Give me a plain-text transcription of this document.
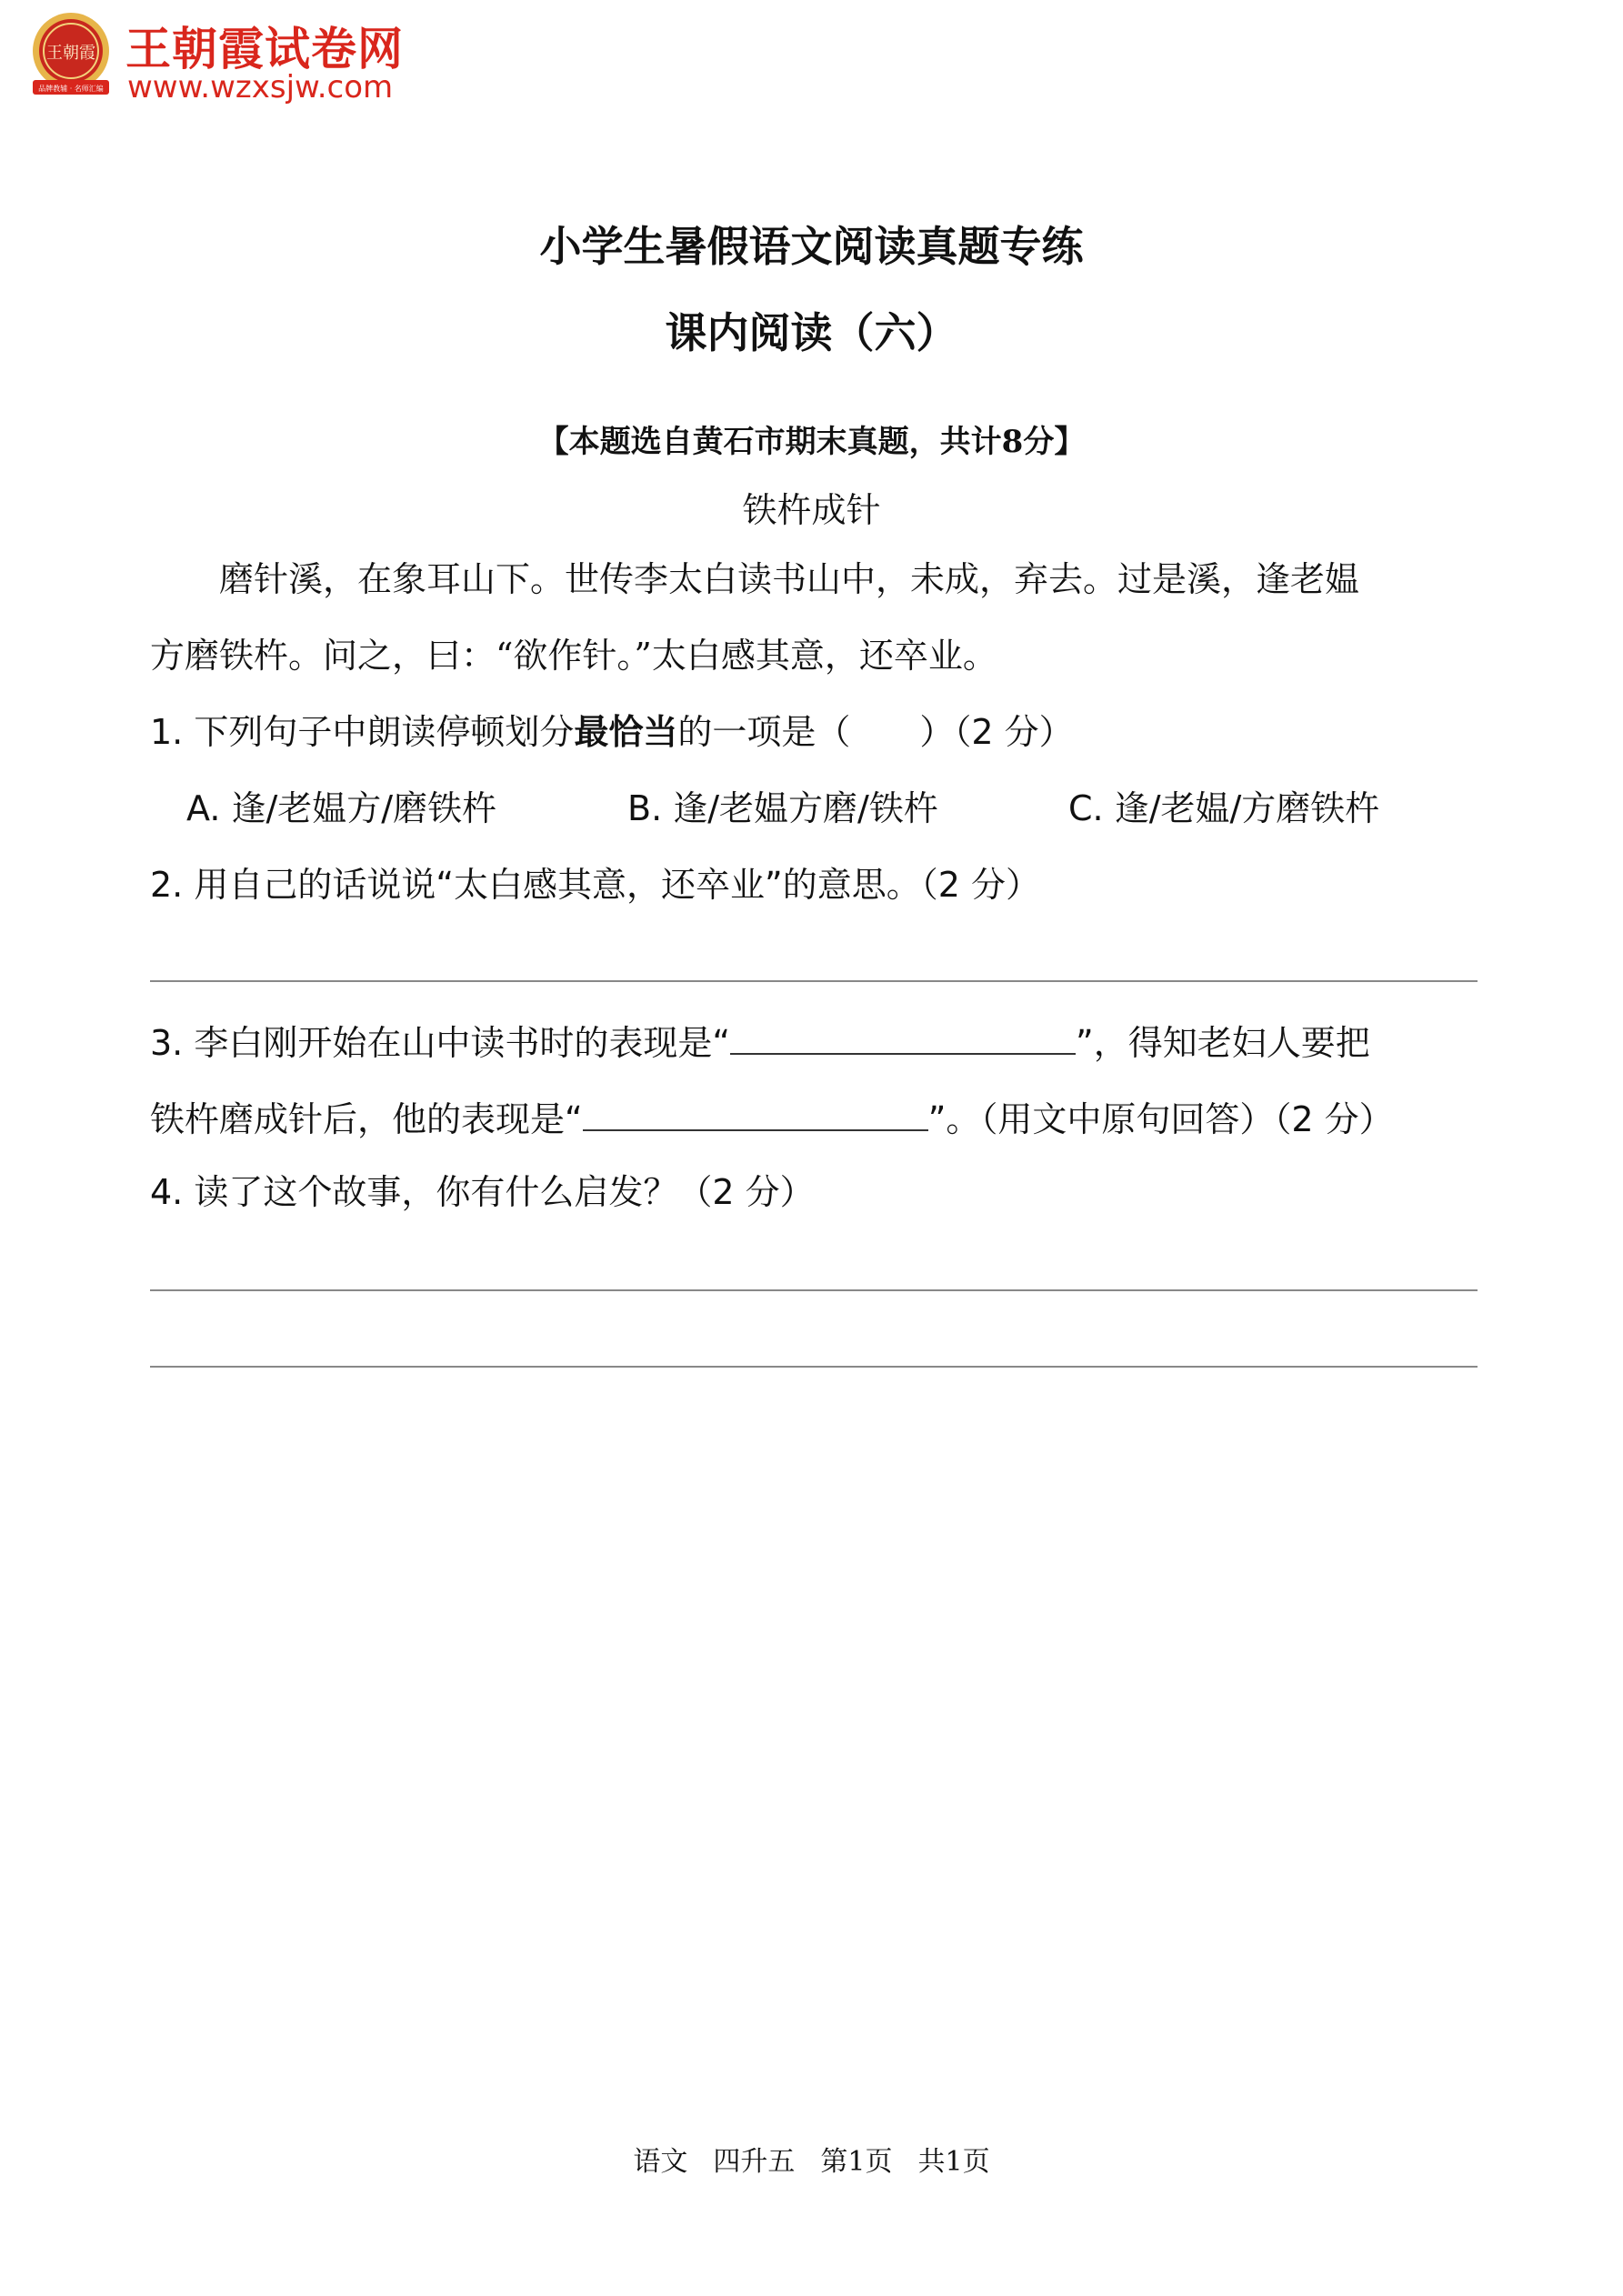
王朝霞
品牌教辅 · 名师汇编
王朝霞试卷网
www.wzxsjw.com
小学生暑假语文阅读真题专练
课内阅读（六）
【本题选自黄石市期末真题，共计8分】
铁杵成针
　　磨针溪，在象耳山下。世传李太白读书山中，未成，弃去。过是溪，逢老媪
方磨铁杵。问之，曰：“欲作针。”太白感其意，还卒业。
1. 下列句子中朗读停顿划分最恰当的一项是（　　）（2 分）
A. 逢/老媪方/磨铁杵	B. 逢/老媪方磨/铁杵	C. 逢/老媪/方磨铁杵
2. 用自己的话说说“太白感其意，还卒业”的意思。（2 分）
3. 李白刚开始在山中读书时的表现是“	”，得知老妇人要把
铁杵磨成针后，他的表现是“	”。（用文中原句回答）（2 分）
4. 读了这个故事，你有什么启发？（2 分）
语文 四升五 第1页 共1页
